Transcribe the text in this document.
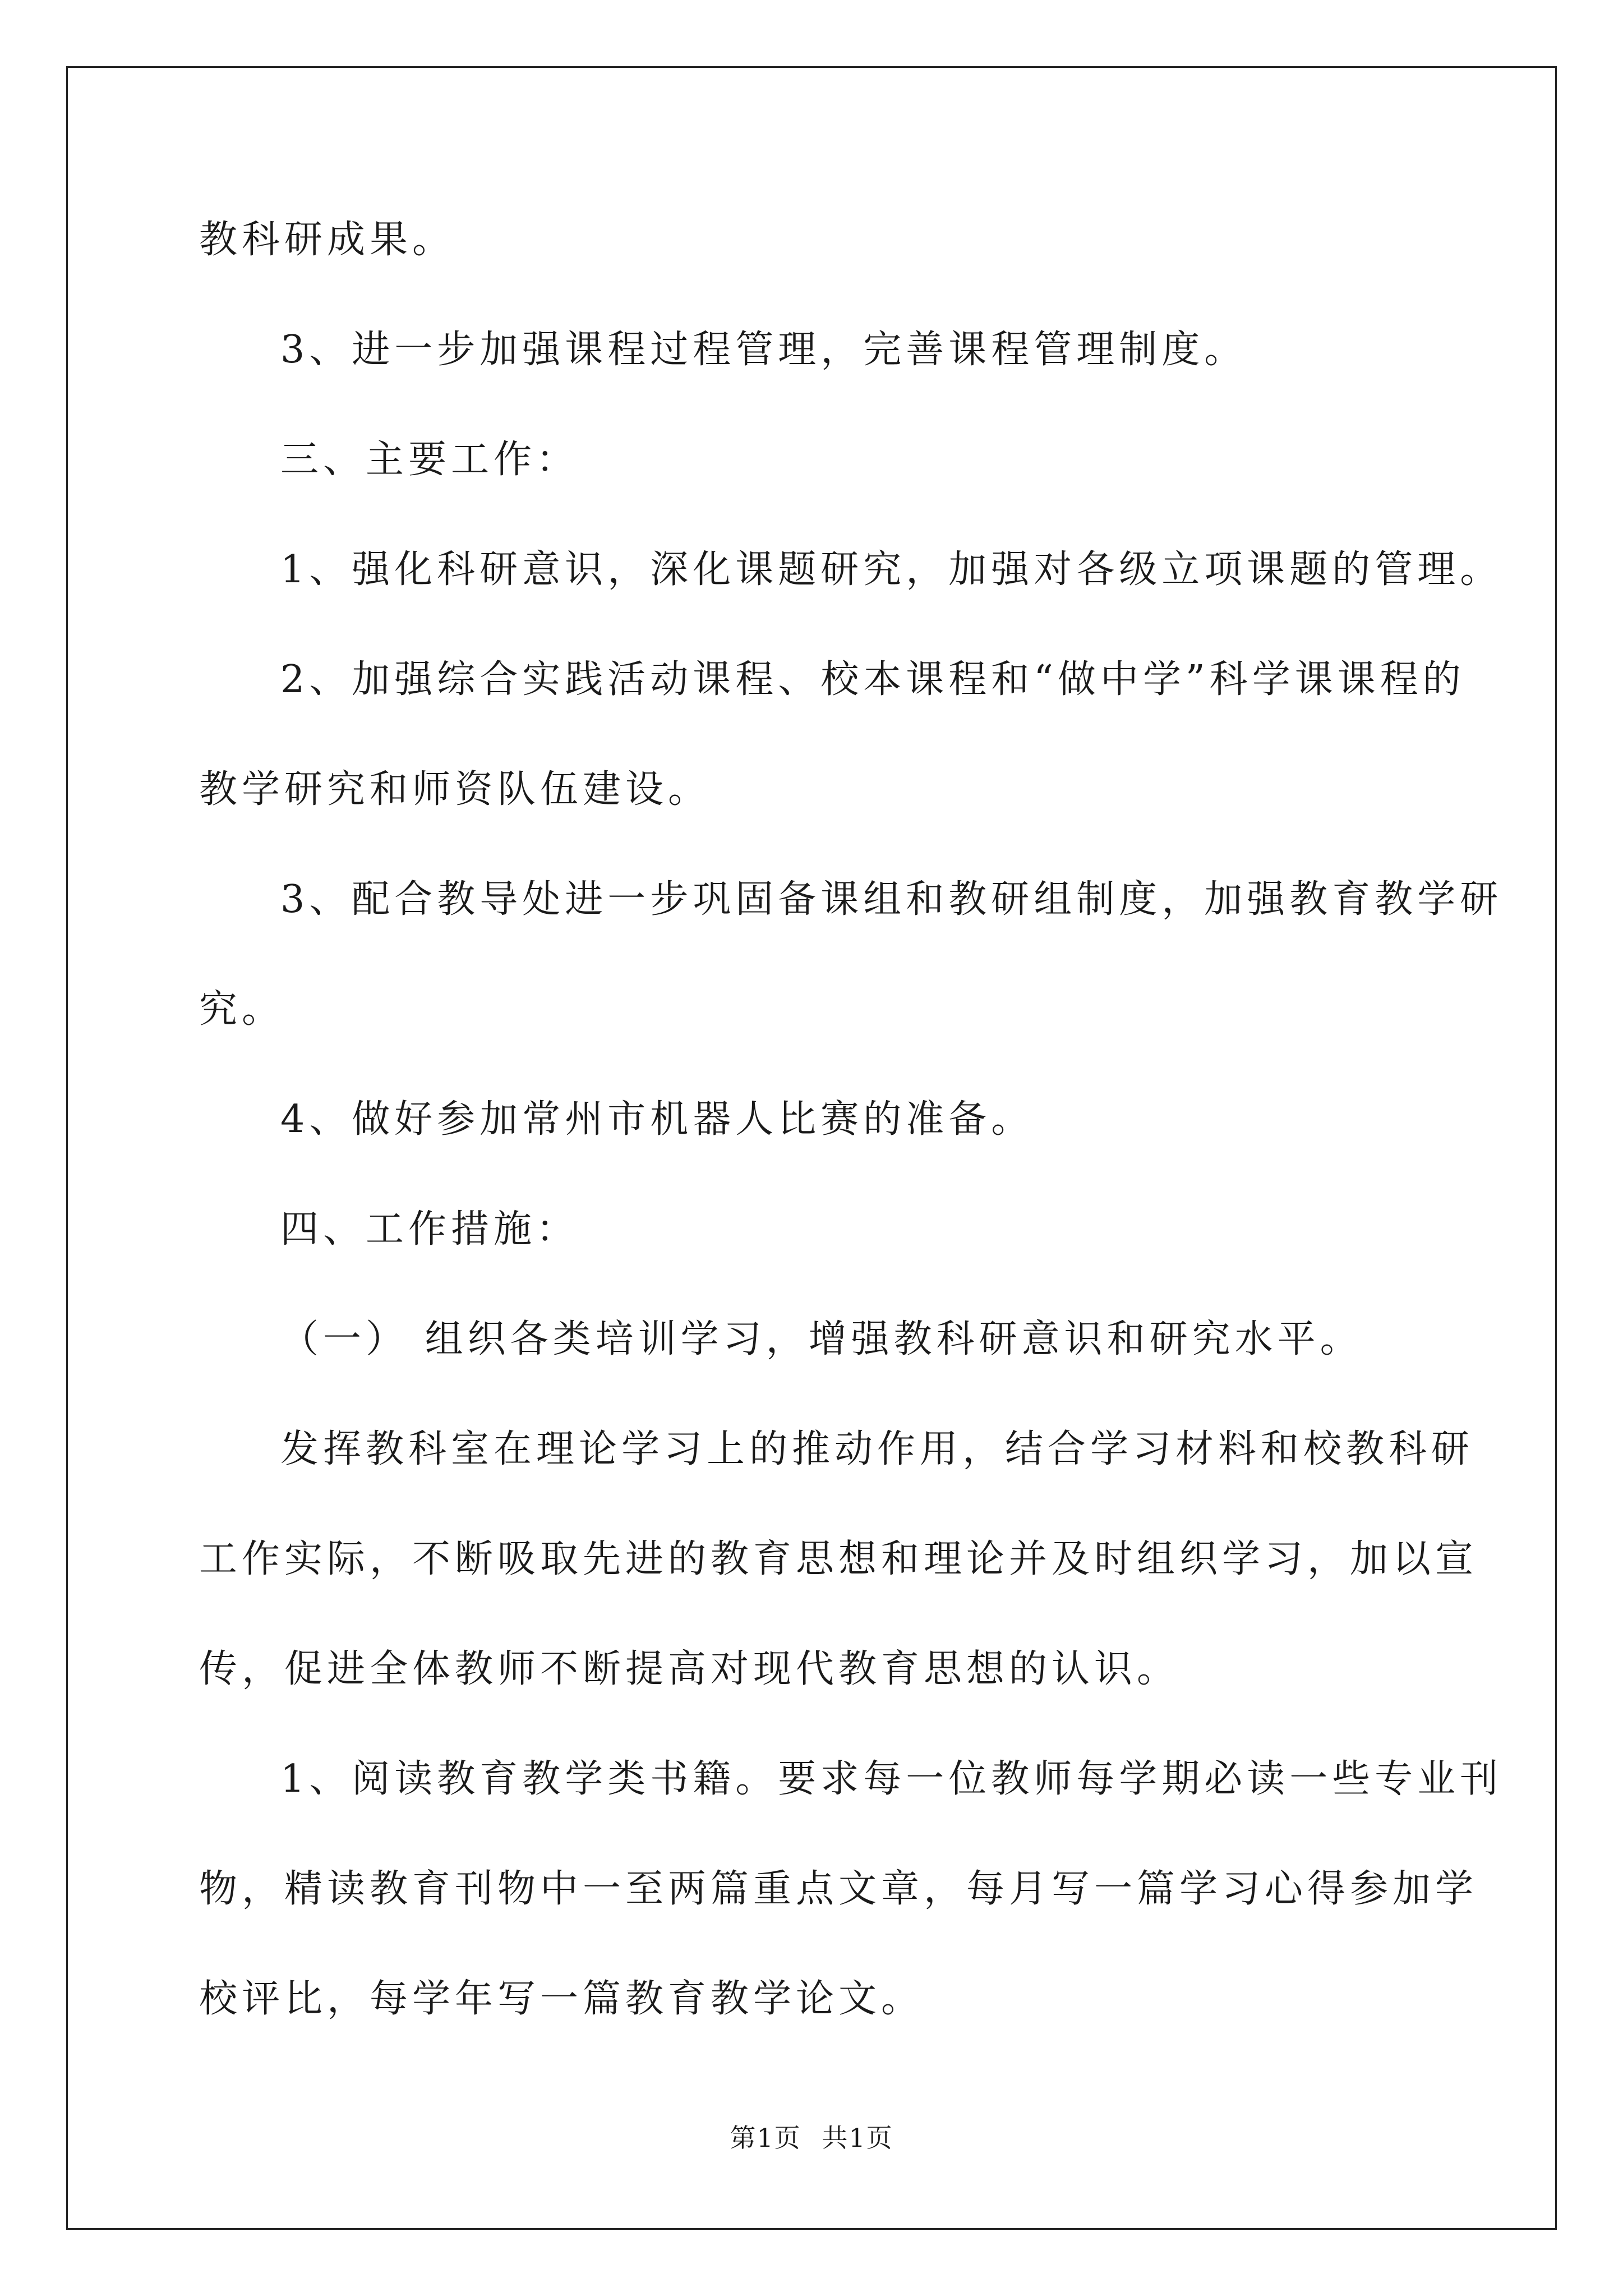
教科研成果。
3、进一步加强课程过程管理，完善课程管理制度。
三、主要工作：
1、强化科研意识，深化课题研究，加强对各级立项课题的管理。
2、加强综合实践活动课程、校本课程和“做中学”科学课课程的
教学研究和师资队伍建设。
3、配合教导处进一步巩固备课组和教研组制度，加强教育教学研
究。
4、做好参加常州市机器人比赛的准备。
四、工作措施：
（一） 组织各类培训学习，增强教科研意识和研究水平。
发挥教科室在理论学习上的推动作用，结合学习材料和校教科研
工作实际，不断吸取先进的教育思想和理论并及时组织学习，加以宣
传，促进全体教师不断提高对现代教育思想的认识。
1、阅读教育教学类书籍。要求每一位教师每学期必读一些专业刊
物，精读教育刊物中一至两篇重点文章，每月写一篇学习心得参加学
校评比，每学年写一篇教育教学论文。
第1页 共1页
